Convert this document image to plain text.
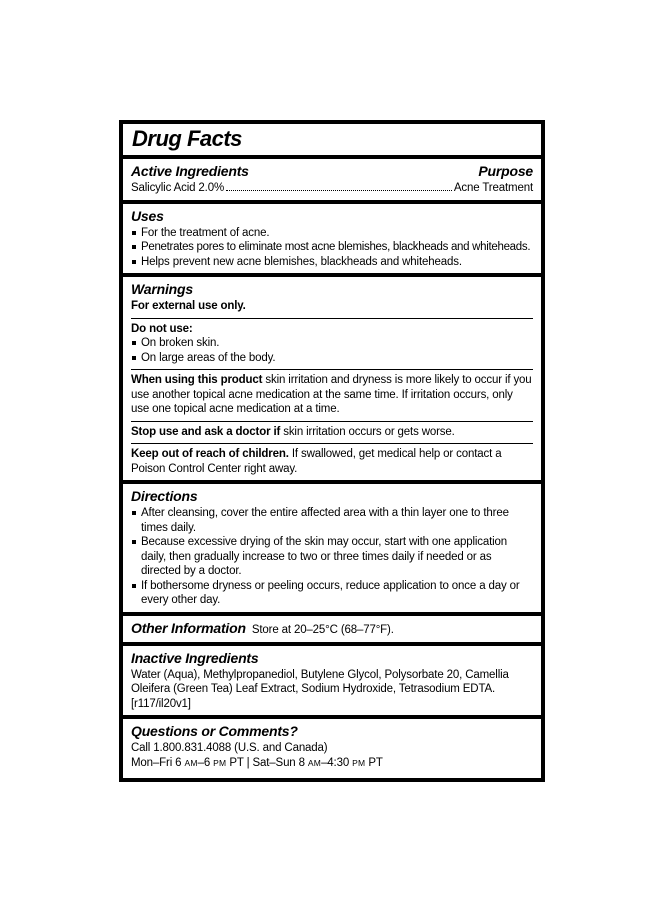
Drug Facts
Active Ingredients	Purpose
Salicylic Acid 2.0%	Acne Treatment
Uses
For the treatment of acne.
Penetrates pores to eliminate most acne blemishes, blackheads and whiteheads.
Helps prevent new acne blemishes, blackheads and whiteheads.
Warnings
For external use only.
Do not use:
On broken skin.
On large areas of the body.
When using this product skin irritation and dryness is more likely to occur if you use another topical acne medication at the same time. If irritation occurs, only use one topical acne medication at a time.
Stop use and ask a doctor if skin irritation occurs or gets worse.
Keep out of reach of children. If swallowed, get medical help or contact a Poison Control Center right away.
Directions
After cleansing, cover the entire affected area with a thin layer one to three times daily.
Because excessive drying of the skin may occur, start with one application daily, then gradually increase to two or three times daily if needed or as directed by a doctor.
If bothersome dryness or peeling occurs, reduce application to once a day or every other day.
Other Information Store at 20–25°C (68–77°F).
Inactive Ingredients
Water (Aqua), Methylpropanediol, Butylene Glycol, Polysorbate 20, Camellia Oleifera (Green Tea) Leaf Extract, Sodium Hydroxide, Tetrasodium EDTA.
[r117/il20v1]
Questions or Comments?
Call 1.800.831.4088 (U.S. and Canada)
Mon–Fri 6 AM–6 PM PT | Sat–Sun 8 AM–4:30 PM PT
